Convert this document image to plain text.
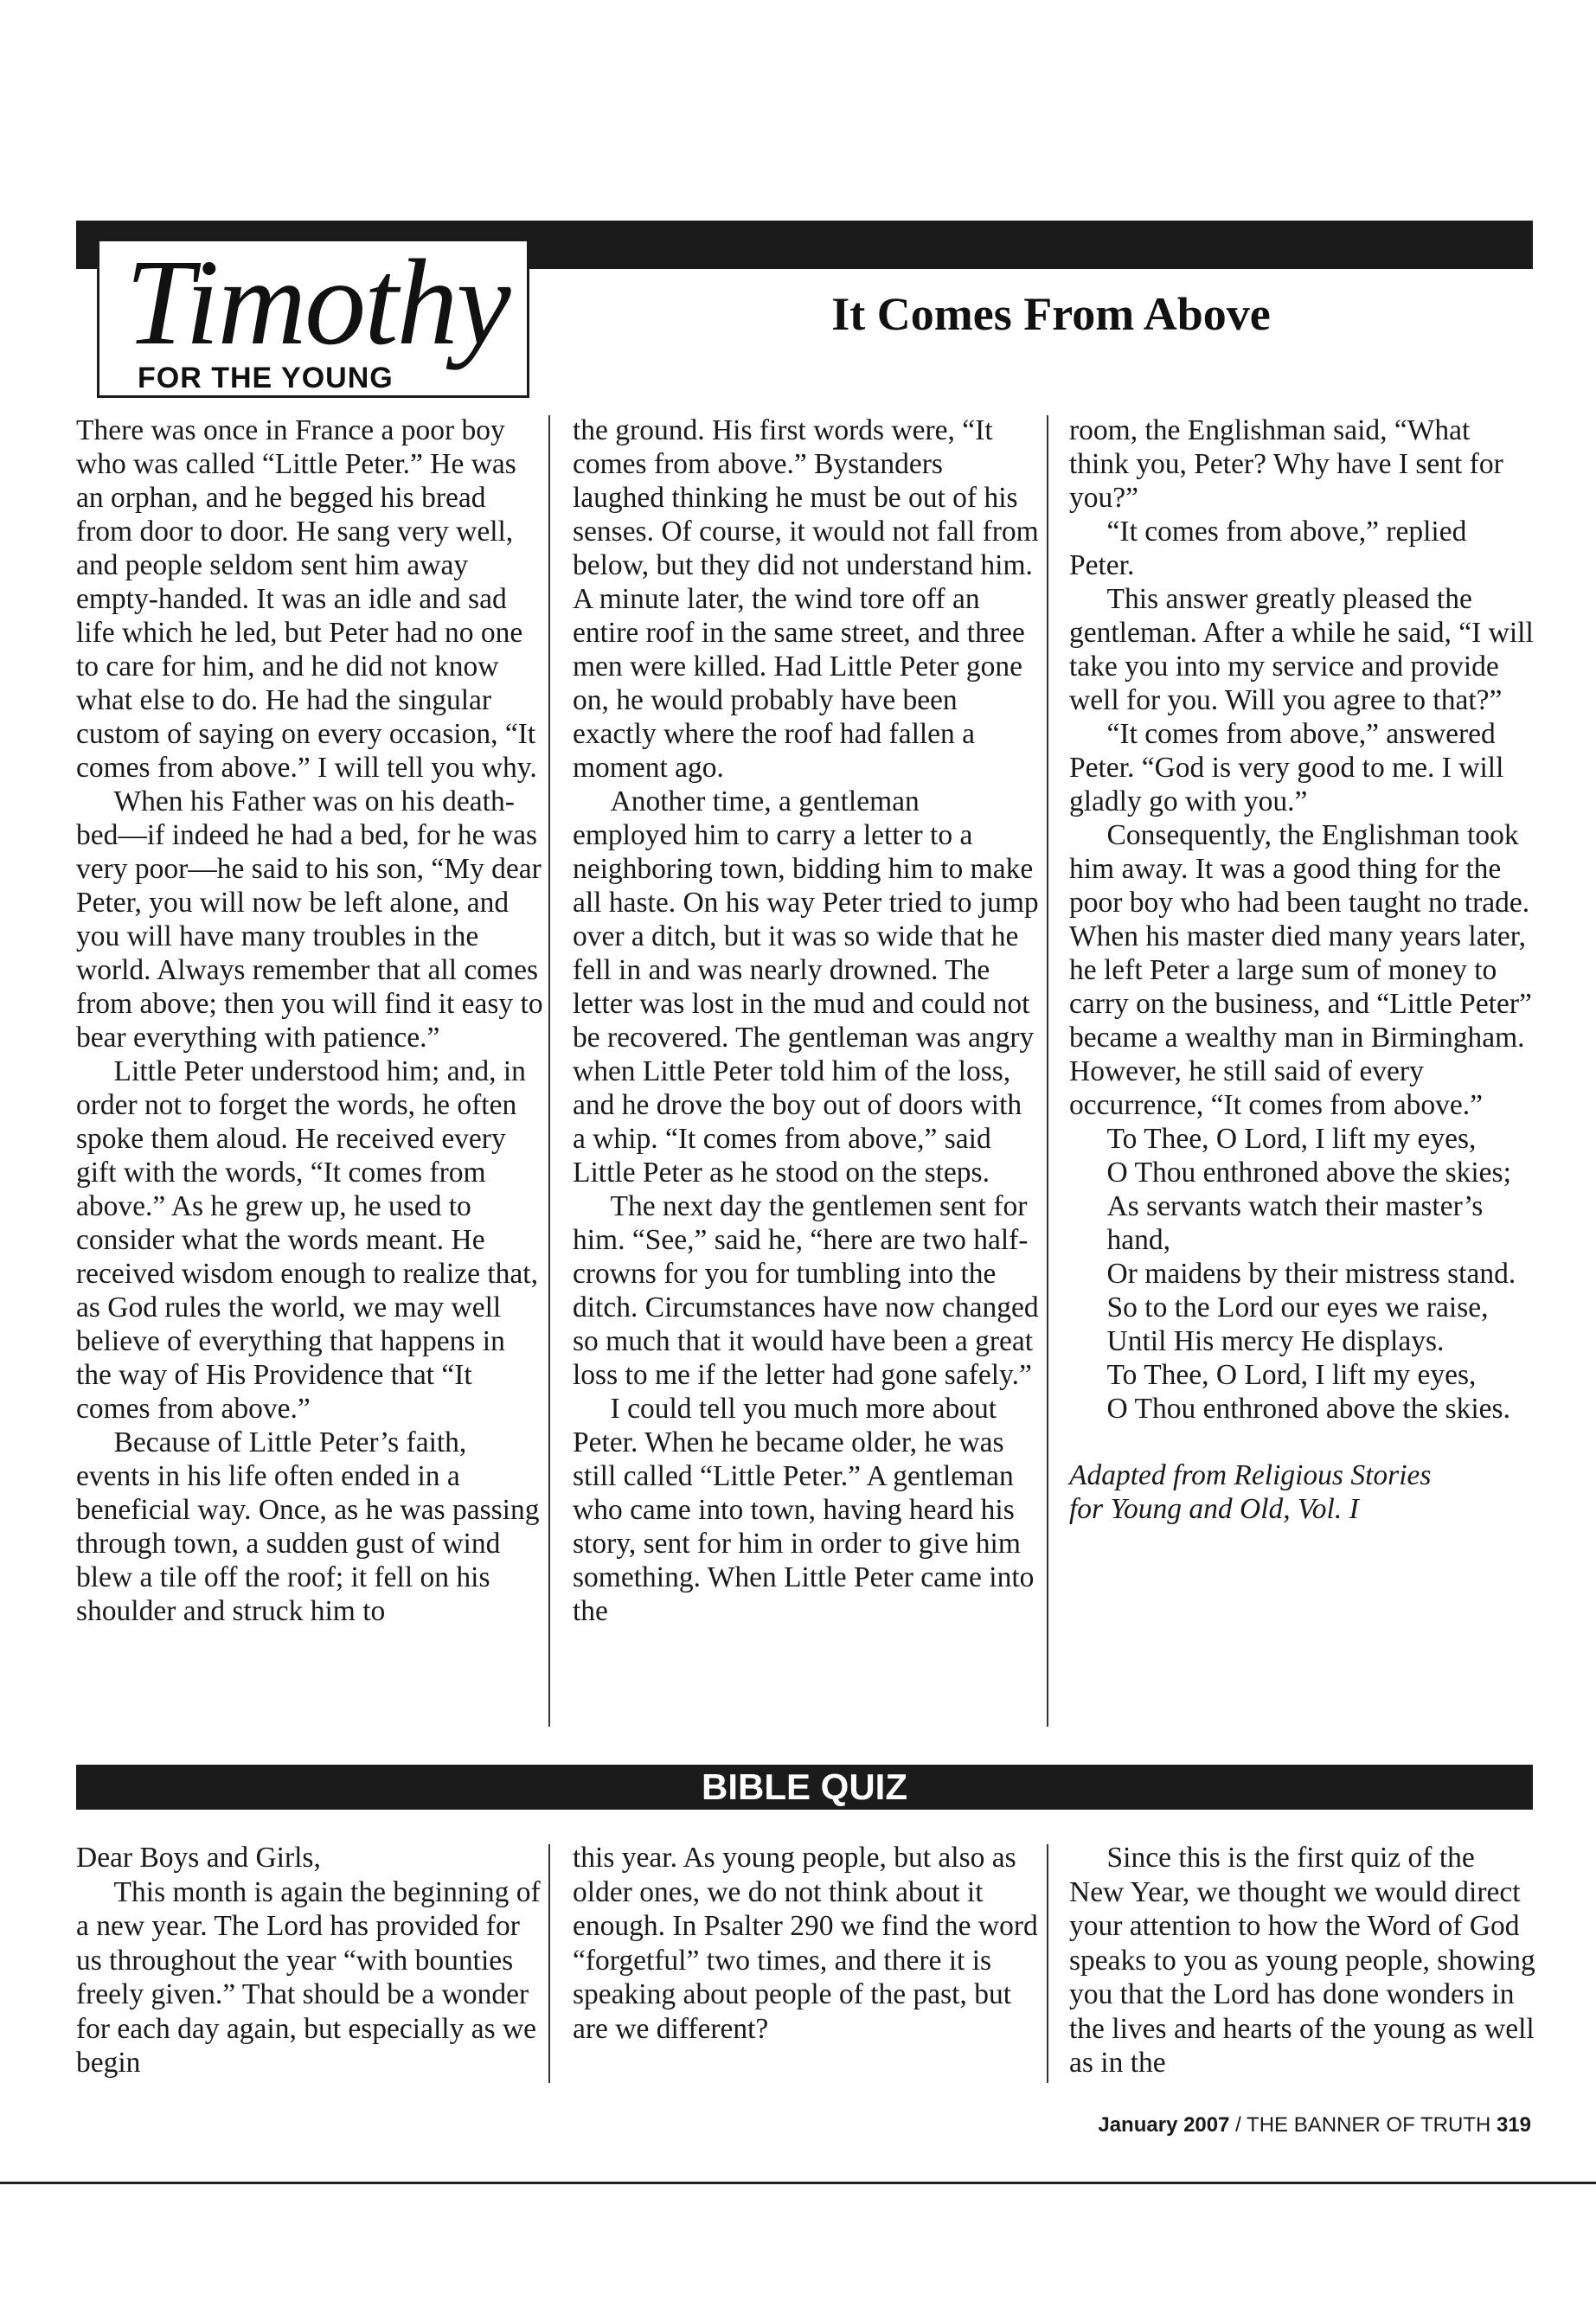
Timothy

FOR THE YOUNG

It Comes From Above

There was once in France a poor boy who was called “Little Peter.” He was an orphan, and he begged his bread from door to door. He sang very well, and people seldom sent him away empty-handed. It was an idle and sad life which he led, but Peter had no one to care for him, and he did not know what else to do. He had the singular custom of saying on every occasion, “It comes from above.” I will tell you why.

When his Father was on his death-bed—if indeed he had a bed, for he was very poor—he said to his son, “My dear Peter, you will now be left alone, and you will have many troubles in the world. Always remember that all comes from above; then you will find it easy to bear everything with patience.”

Little Peter understood him; and, in order not to forget the words, he often spoke them aloud. He received every gift with the words, “It comes from above.” As he grew up, he used to consider what the words meant. He received wisdom enough to realize that, as God rules the world, we may well believe of everything that happens in the way of His Providence that “It comes from above.”

Because of Little Peter’s faith, events in his life often ended in a beneficial way. Once, as he was passing through town, a sudden gust of wind blew a tile off the roof; it fell on his shoulder and struck him to

the ground. His first words were, “It comes from above.” Bystanders laughed thinking he must be out of his senses. Of course, it would not fall from below, but they did not understand him. A minute later, the wind tore off an entire roof in the same street, and three men were killed. Had Little Peter gone on, he would probably have been exactly where the roof had fallen a moment ago.

Another time, a gentleman employed him to carry a letter to a neighboring town, bidding him to make all haste. On his way Peter tried to jump over a ditch, but it was so wide that he fell in and was nearly drowned. The letter was lost in the mud and could not be recovered. The gentleman was angry when Little Peter told him of the loss, and he drove the boy out of doors with a whip. “It comes from above,” said Little Peter as he stood on the steps.

The next day the gentlemen sent for him. “See,” said he, “here are two half-crowns for you for tumbling into the ditch. Circumstances have now changed so much that it would have been a great loss to me if the letter had gone safely.”

I could tell you much more about Peter. When he became older, he was still called “Little Peter.” A gentleman who came into town, having heard his story, sent for him in order to give him something. When Little Peter came into the

room, the Englishman said, “What think you, Peter? Why have I sent for you?”

“It comes from above,” replied Peter.

This answer greatly pleased the gentleman. After a while he said, “I will take you into my service and provide well for you. Will you agree to that?”

“It comes from above,” answered Peter. “God is very good to me. I will gladly go with you.”

Consequently, the Englishman took him away. It was a good thing for the poor boy who had been taught no trade. When his master died many years later, he left Peter a large sum of money to carry on the business, and “Little Peter” became a wealthy man in Birmingham. However, he still said of every occurrence, “It comes from above.”

To Thee, O Lord, I lift my eyes,

O Thou enthroned above the skies;

As servants watch their master’s hand,

Or maidens by their mistress stand.

So to the Lord our eyes we raise,

Until His mercy He displays.

To Thee, O Lord, I lift my eyes,

O Thou enthroned above the skies.

Adapted from Religious Stories
for Young and Old, Vol. I

BIBLE QUIZ

Dear Boys and Girls,

This month is again the beginning of a new year. The Lord has provided for us throughout the year “with bounties freely given.” That should be a wonder for each day again, but especially as we begin

this year. As young people, but also as older ones, we do not think about it enough. In Psalter 290 we find the word “forgetful” two times, and there it is speaking about people of the past, but are we different?

Since this is the first quiz of the New Year, we thought we would direct your attention to how the Word of God speaks to you as young people, showing you that the Lord has done wonders in the lives and hearts of the young as well as in the

January 2007 / THE BANNER OF TRUTH 319
